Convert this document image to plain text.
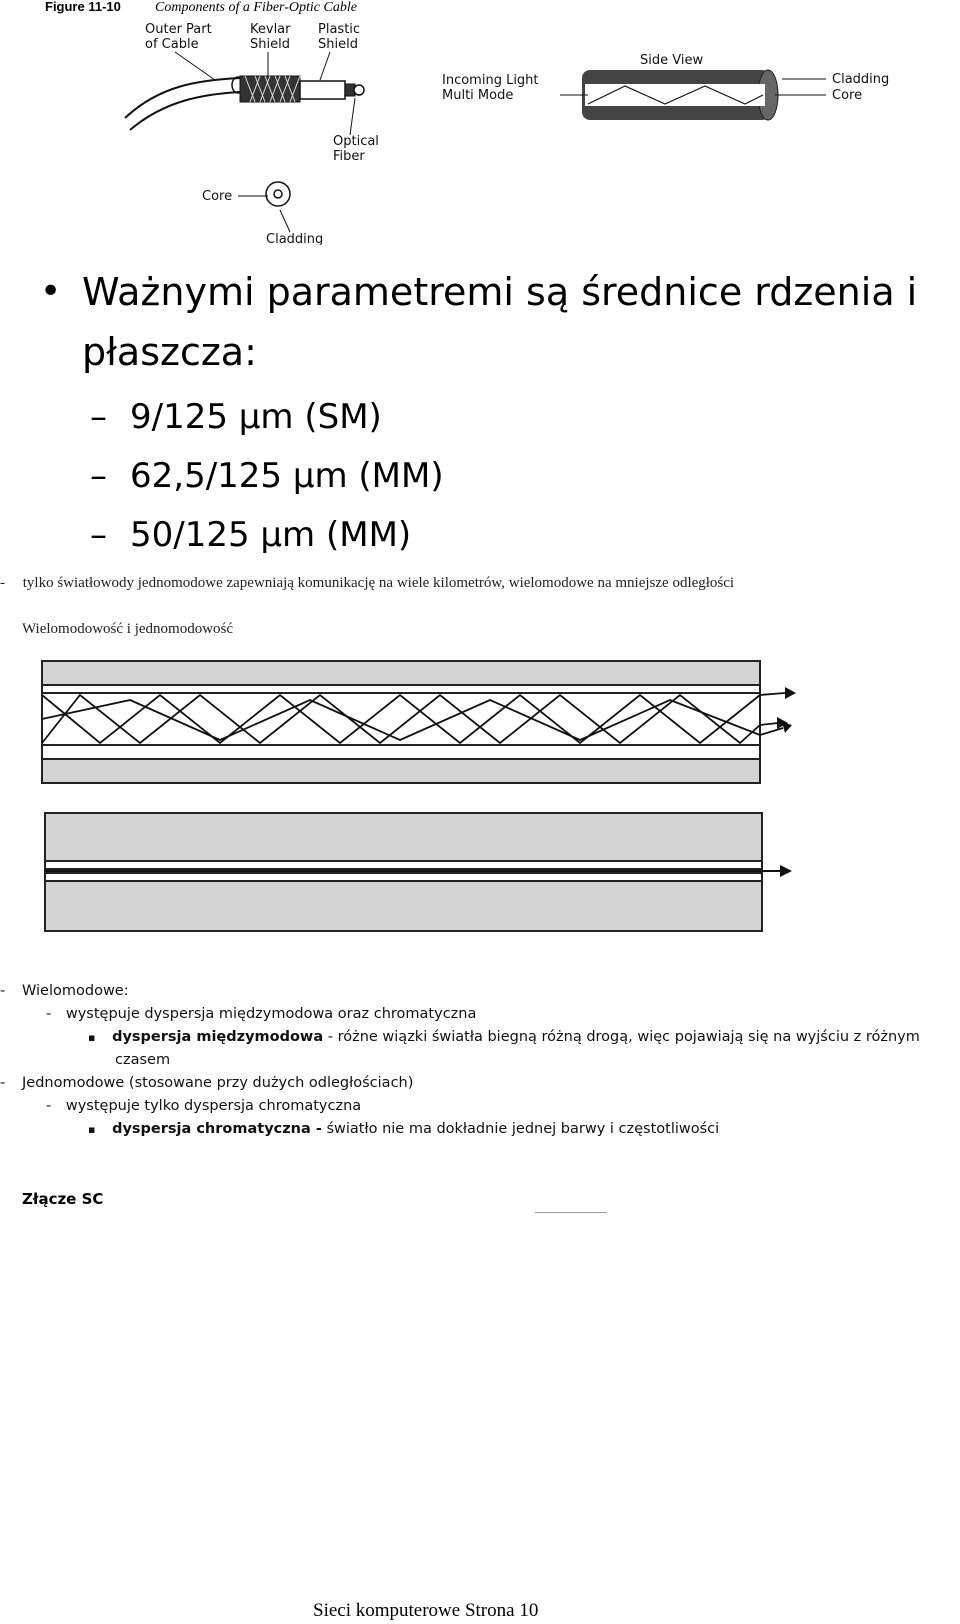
Figure 11-10 Components of a Fiber-Optic Cable
Outer Part
of Cable
Kevlar
Shield
Plastic
Shield
Optical
Fiber
Core
Cladding
Side View
Incoming Light
Multi Mode
Cladding
Core
• Ważnymi parametremi są średnice rdzenia i
płaszcza:
– 9/125 μm (SM)
– 62,5/125 μm (MM)
– 50/125 μm (MM)
- tylko światłowody jednomodowe zapewniają komunikację na wiele kilometrów, wielomodowe na mniejsze odległości
Wielomodowość i jednomodowość
- Wielomodowe:
- występuje dyspersja międzymodowa oraz chromatyczna
▪ dyspersja międzymodowa - różne wiązki światła biegną różną drogą, więc pojawiają się na wyjściu z różnym
czasem
- Jednomodowe (stosowane przy dużych odległościach)
- występuje tylko dyspersja chromatyczna
▪ dyspersja chromatyczna - światło nie ma dokładnie jednej barwy i częstotliwości
Złącze SC
Sieci komputerowe Strona 10
